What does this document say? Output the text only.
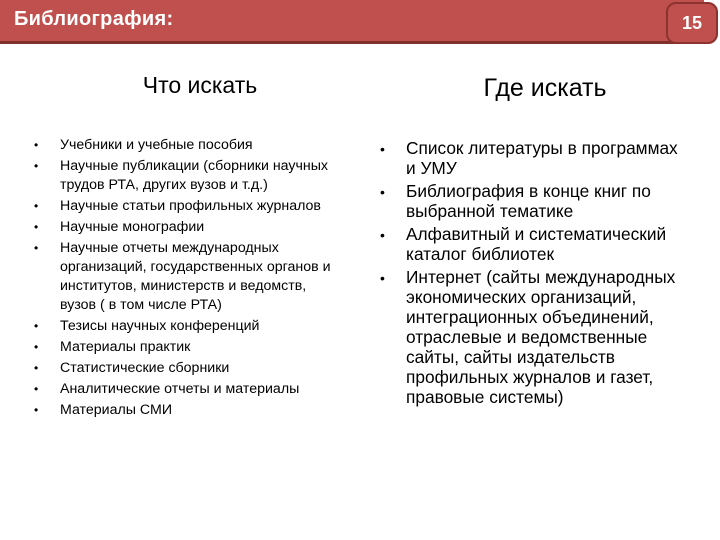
Библиография:	15
Что искать	Где искать
• Учебники и учебные пособия
• Научные публикации (сборники научных трудов РТА, других вузов и т.д.)
• Научные статьи профильных журналов
• Научные монографии
• Научные отчеты международных организаций, государственных органов и институтов, министерств и ведомств, вузов ( в том числе РТА)
• Тезисы научных конференций
• Материалы практик
• Статистические сборники
• Аналитические отчеты и материалы
• Материалы СМИ
• Список литературы в программах и УМУ
• Библиография в конце книг по выбранной тематике
• Алфавитный и систематический каталог библиотек
• Интернет (сайты международных экономических организаций, интеграционных объединений, отраслевые и ведомственные сайты, сайты издательств профильных журналов и газет, правовые системы)
